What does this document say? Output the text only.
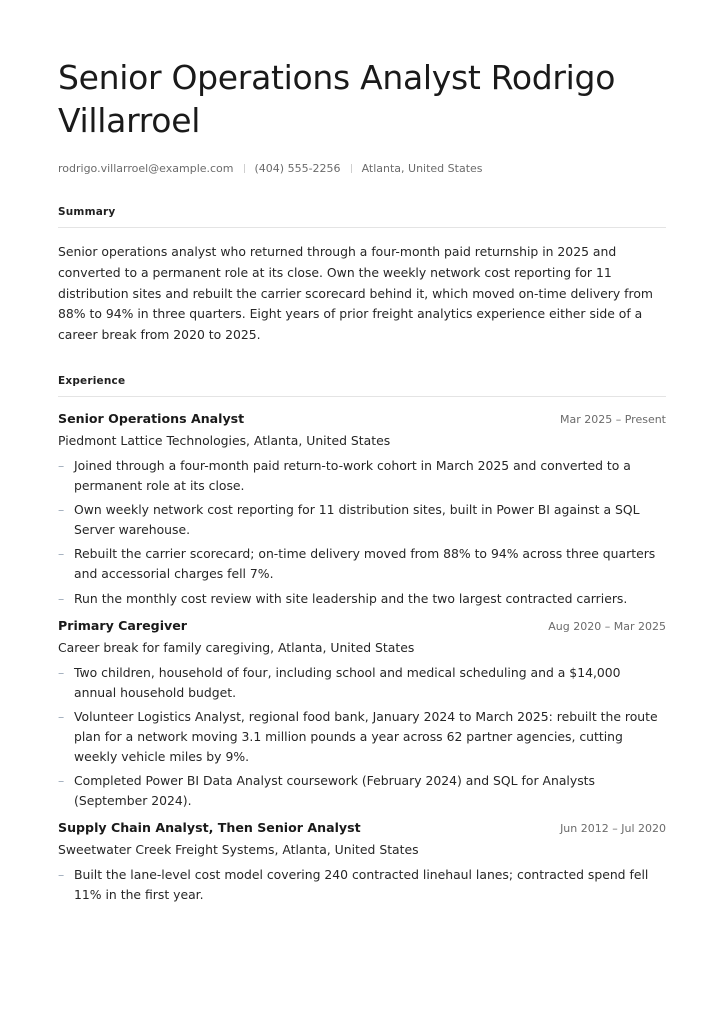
Senior Operations Analyst Rodrigo Villarroel
rodrigo.villarroel@example.com (404) 555-2256 Atlanta, United States
Summary
Senior operations analyst who returned through a four-month paid returnship in 2025 and converted to a permanent role at its close. Own the weekly network cost reporting for 11 distribution sites and rebuilt the carrier scorecard behind it, which moved on-time delivery from 88% to 94% in three quarters. Eight years of prior freight analytics experience either side of a career break from 2020 to 2025.
Experience
Senior Operations Analyst	Mar 2025 – Present
Piedmont Lattice Technologies, Atlanta, United States
– Joined through a four-month paid return-to-work cohort in March 2025 and converted to a permanent role at its close.
– Own weekly network cost reporting for 11 distribution sites, built in Power BI against a SQL Server warehouse.
– Rebuilt the carrier scorecard; on-time delivery moved from 88% to 94% across three quarters and accessorial charges fell 7%.
– Run the monthly cost review with site leadership and the two largest contracted carriers.
Primary Caregiver	Aug 2020 – Mar 2025
Career break for family caregiving, Atlanta, United States
– Two children, household of four, including school and medical scheduling and a $14,000 annual household budget.
– Volunteer Logistics Analyst, regional food bank, January 2024 to March 2025: rebuilt the route plan for a network moving 3.1 million pounds a year across 62 partner agencies, cutting weekly vehicle miles by 9%.
– Completed Power BI Data Analyst coursework (February 2024) and SQL for Analysts (September 2024).
Supply Chain Analyst, Then Senior Analyst	Jun 2012 – Jul 2020
Sweetwater Creek Freight Systems, Atlanta, United States
– Built the lane-level cost model covering 240 contracted linehaul lanes; contracted spend fell 11% in the first year.
